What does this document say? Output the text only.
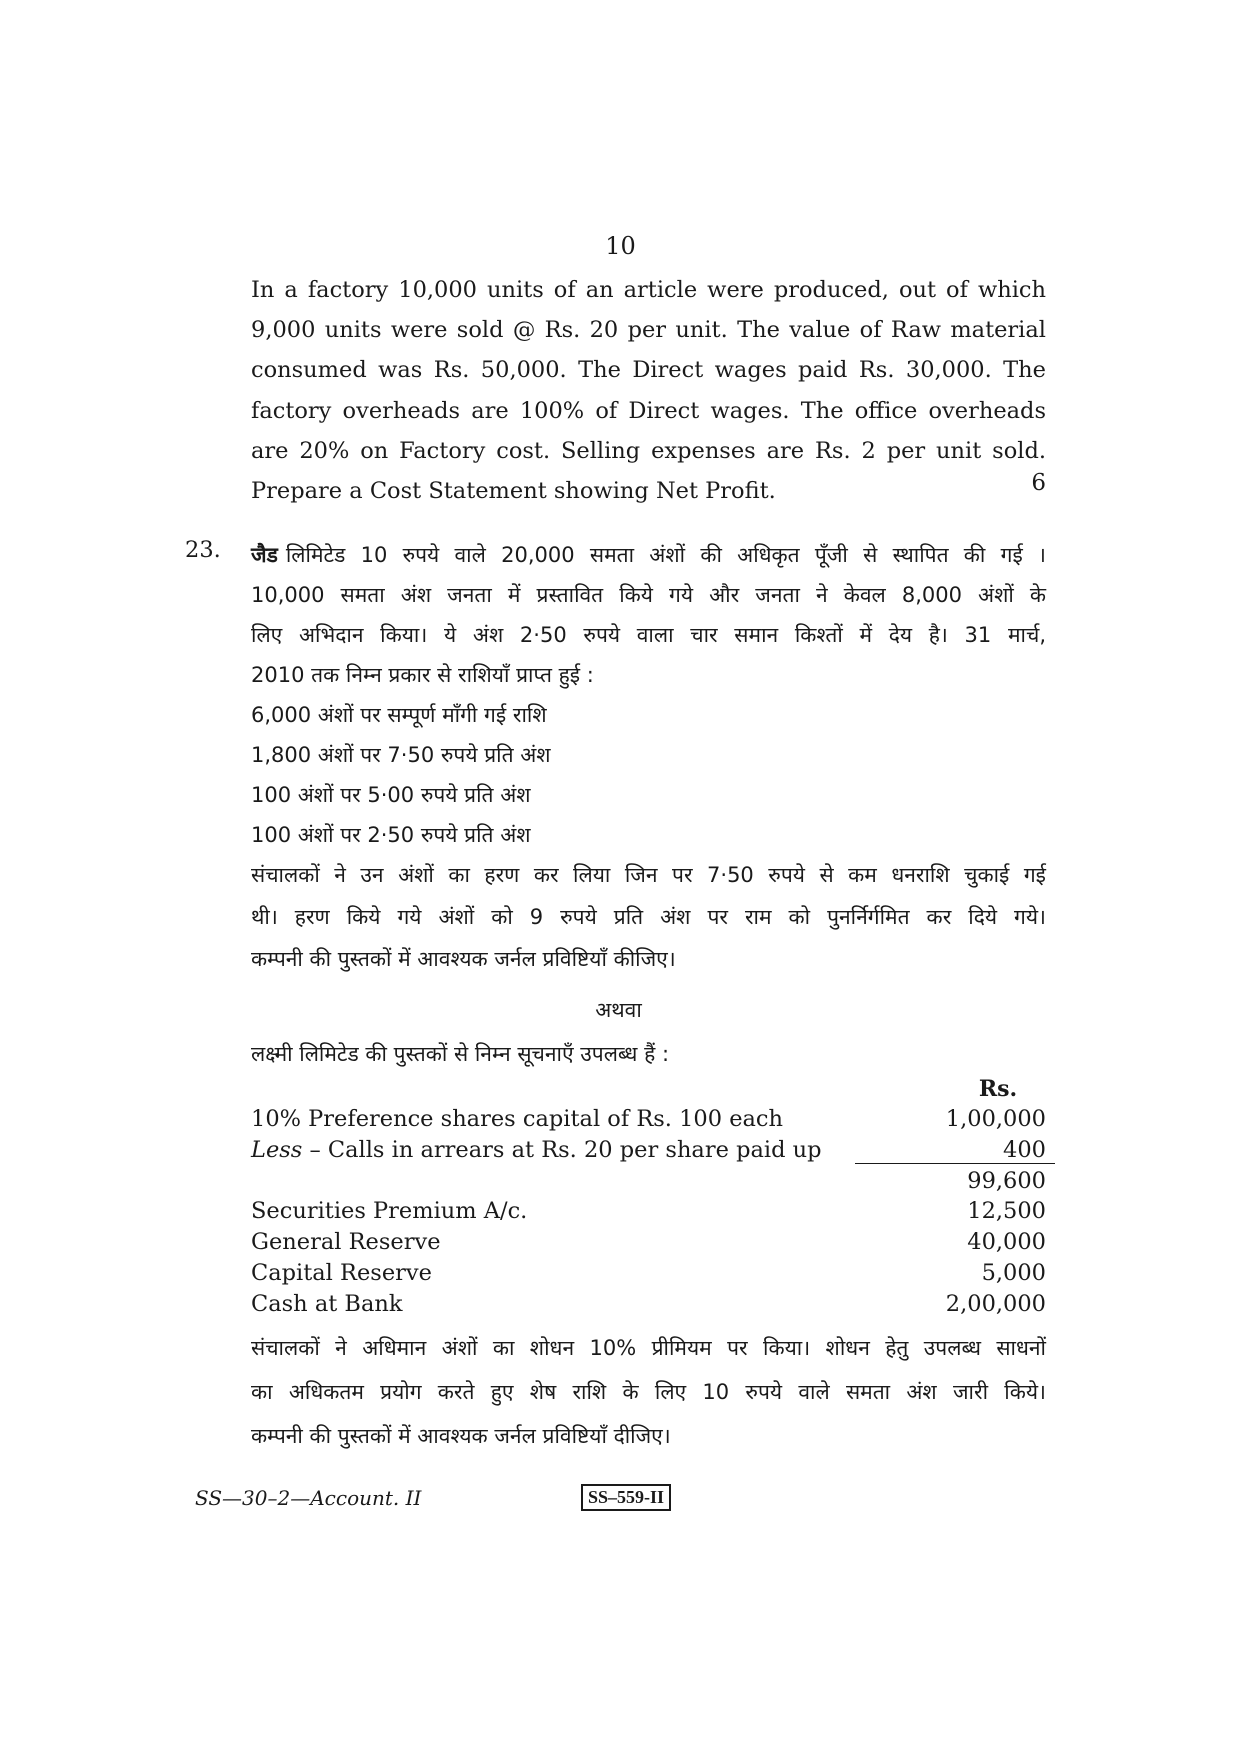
10

In a factory 10,000 units of an article were produced, out of which 9,000 units were sold @ Rs. 20 per unit. The value of Raw material consumed was Rs. 50,000. The Direct wages paid Rs. 30,000. The factory overheads are 100% of Direct wages. The office overheads are 20% on Factory cost. Selling expenses are Rs. 2 per unit sold. Prepare a Cost Statement showing Net Profit.	6
23. जैड लिमिटेड 10 रुपये वाले 20,000 समता अंशों की अधिकृत पूँजी से स्थापित की गई ।
10,000 समता अंश जनता में प्रस्तावित किये गये और जनता ने केवल 8,000 अंशों के
लिए अभिदान किया। ये अंश 2·50 रुपये वाला चार समान किश्तों में देय है। 31 मार्च,
2010 तक निम्न प्रकार से राशियाँ प्राप्त हुई :
6,000 अंशों पर सम्पूर्ण माँगी गई राशि
1,800 अंशों पर 7·50 रुपये प्रति अंश
100 अंशों पर 5·00 रुपये प्रति अंश
100 अंशों पर 2·50 रुपये प्रति अंश
संचालकों ने उन अंशों का हरण कर लिया जिन पर 7·50 रुपये से कम धनराशि चुकाई गई
थी। हरण किये गये अंशों को 9 रुपये प्रति अंश पर राम को पुनर्निर्गमित कर दिये गये।
कम्पनी की पुस्तकों में आवश्यक जर्नल प्रविष्टियाँ कीजिए।
अथवा
लक्ष्मी लिमिटेड की पुस्तकों से निम्न सूचनाएँ उपलब्ध हैं :
Rs.
10% Preference shares capital of Rs. 100 each	1,00,000
Less – Calls in arrears at Rs. 20 per share paid up	400
99,600
Securities Premium A/c.	12,500
General Reserve	40,000
Capital Reserve	5,000
Cash at Bank	2,00,000
संचालकों ने अधिमान अंशों का शोधन 10% प्रीमियम पर किया। शोधन हेतु उपलब्ध साधनों
का अधिकतम प्रयोग करते हुए शेष राशि के लिए 10 रुपये वाले समता अंश जारी किये।
कम्पनी की पुस्तकों में आवश्यक जर्नल प्रविष्टियाँ दीजिए।
SS—30–2—Account. II	SS–559-II
